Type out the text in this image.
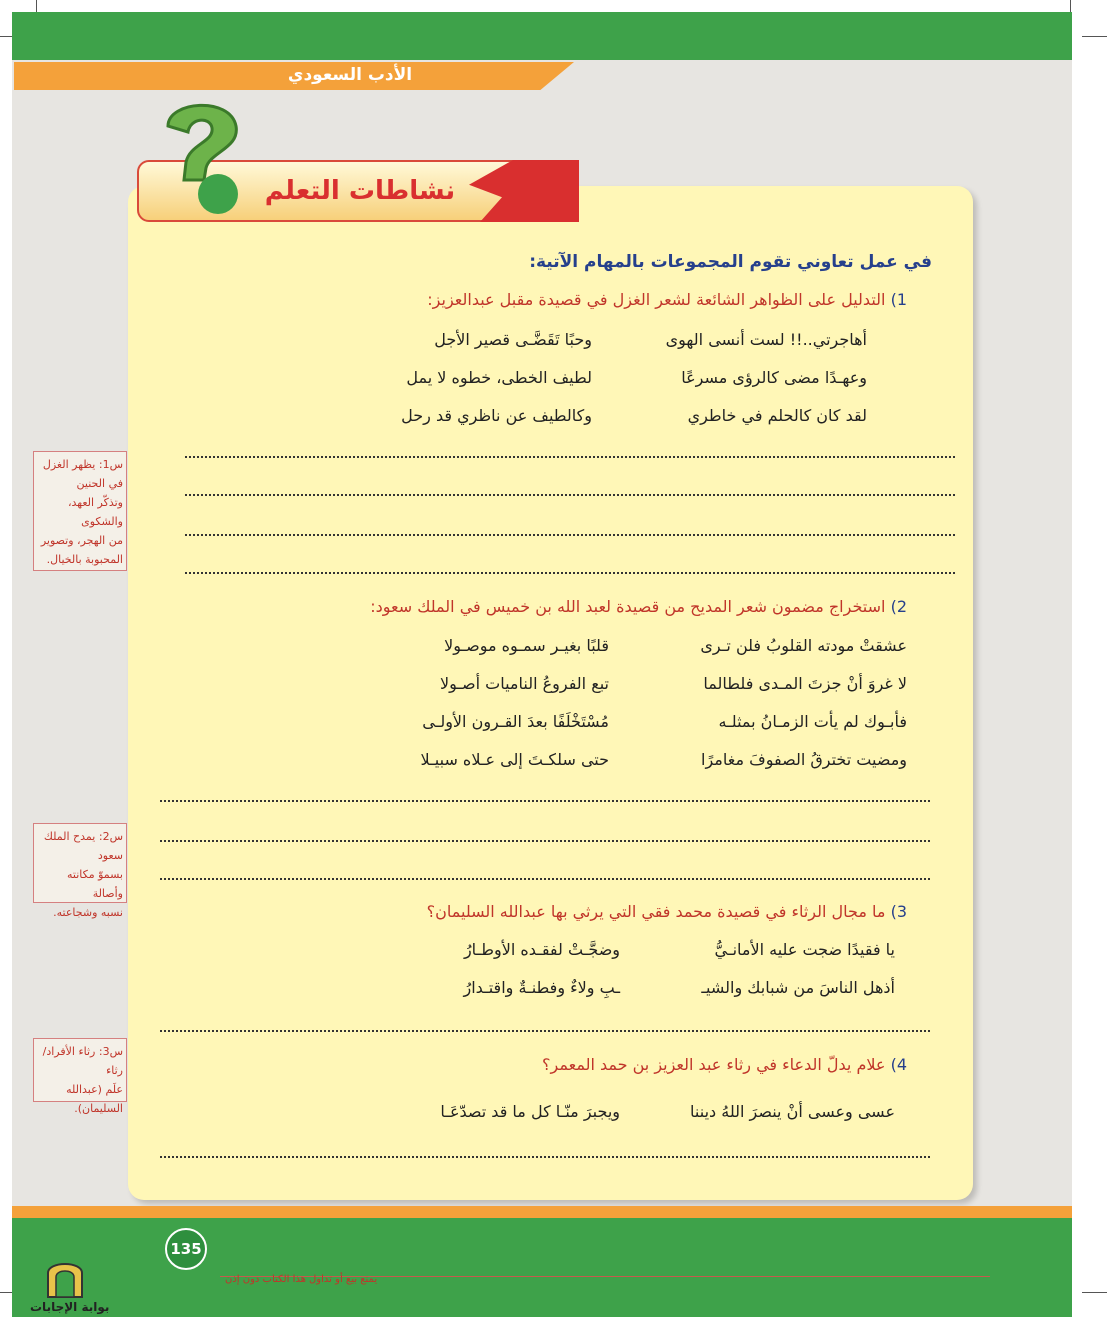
الأدب السعودي
نشاطات التعلم
في عمل تعاوني تقوم المجموعات بالمهام الآتية:
1) التدليل على الظواهر الشائعة لشعر الغزل في قصيدة مقبل عبدالعزيز:
أهاجرتي..!! لست أنسى الهوى
وحبًا تَقَضَّـى قصير الأجل
وعهـدًا مضى كالرؤى مسرعًا
لطيف الخطى، خطوه لا يمل
لقد كان كالحلم في خاطري
وكالطيف عن ناظري قد رحل
2) استخراج مضمون شعر المديح من قصيدة لعبد الله بن خميس في الملك سعود:
عشقتْ مودته القلوبُ فلن تـرى
قلبًا بغيـر سمـوه موصـولا
لا غروَ أنْ جزتَ المـدى فلطالما
تبع الفروعُ الناميات أصـولا
فأبـوك لم يأت الزمـانُ بمثلـه
مُسْتَخْلَفًا بعدَ القـرون الأولـى
ومضيت تخترقُ الصفوفَ مغامرًا
حتى سلكـتَ إلى عـلاه سبيـلا
3) ما مجال الرثاء في قصيدة محمد فقي التي يرثي بها عبدالله السليمان؟
يا فقيدًا ضجت عليه الأمانـيُّ
وضجَّـتْ لفقـده الأوطـارُ
أذهل الناسَ من شبابك والشيـ
ـبِ ولاءٌ وفطنـةٌ واقتـدارُ
4) علام يدلّ الدعاء في رثاء عبد العزيز بن حمد المعمر؟
عسى وعسى أنْ ينصرَ اللهُ ديننا
ويجبرَ منّـا كل ما قد تصدّعَـا
س1: يظهر الغزل
في الحنين
وتذكّر العهد،
والشكوى
من الهجر، وتصوير
المحبوبة بالخيال.
س2: يمدح الملك
سعود
بسموّ مكانته وأصالة
نسبه وشجاعته.
س3: رثاء الأفراد/رثاء
علَم (عبدالله
السليمان).
135
يمنع بيع أو تداول هذا الكتاب دون إذن
بوابة الإجابات
